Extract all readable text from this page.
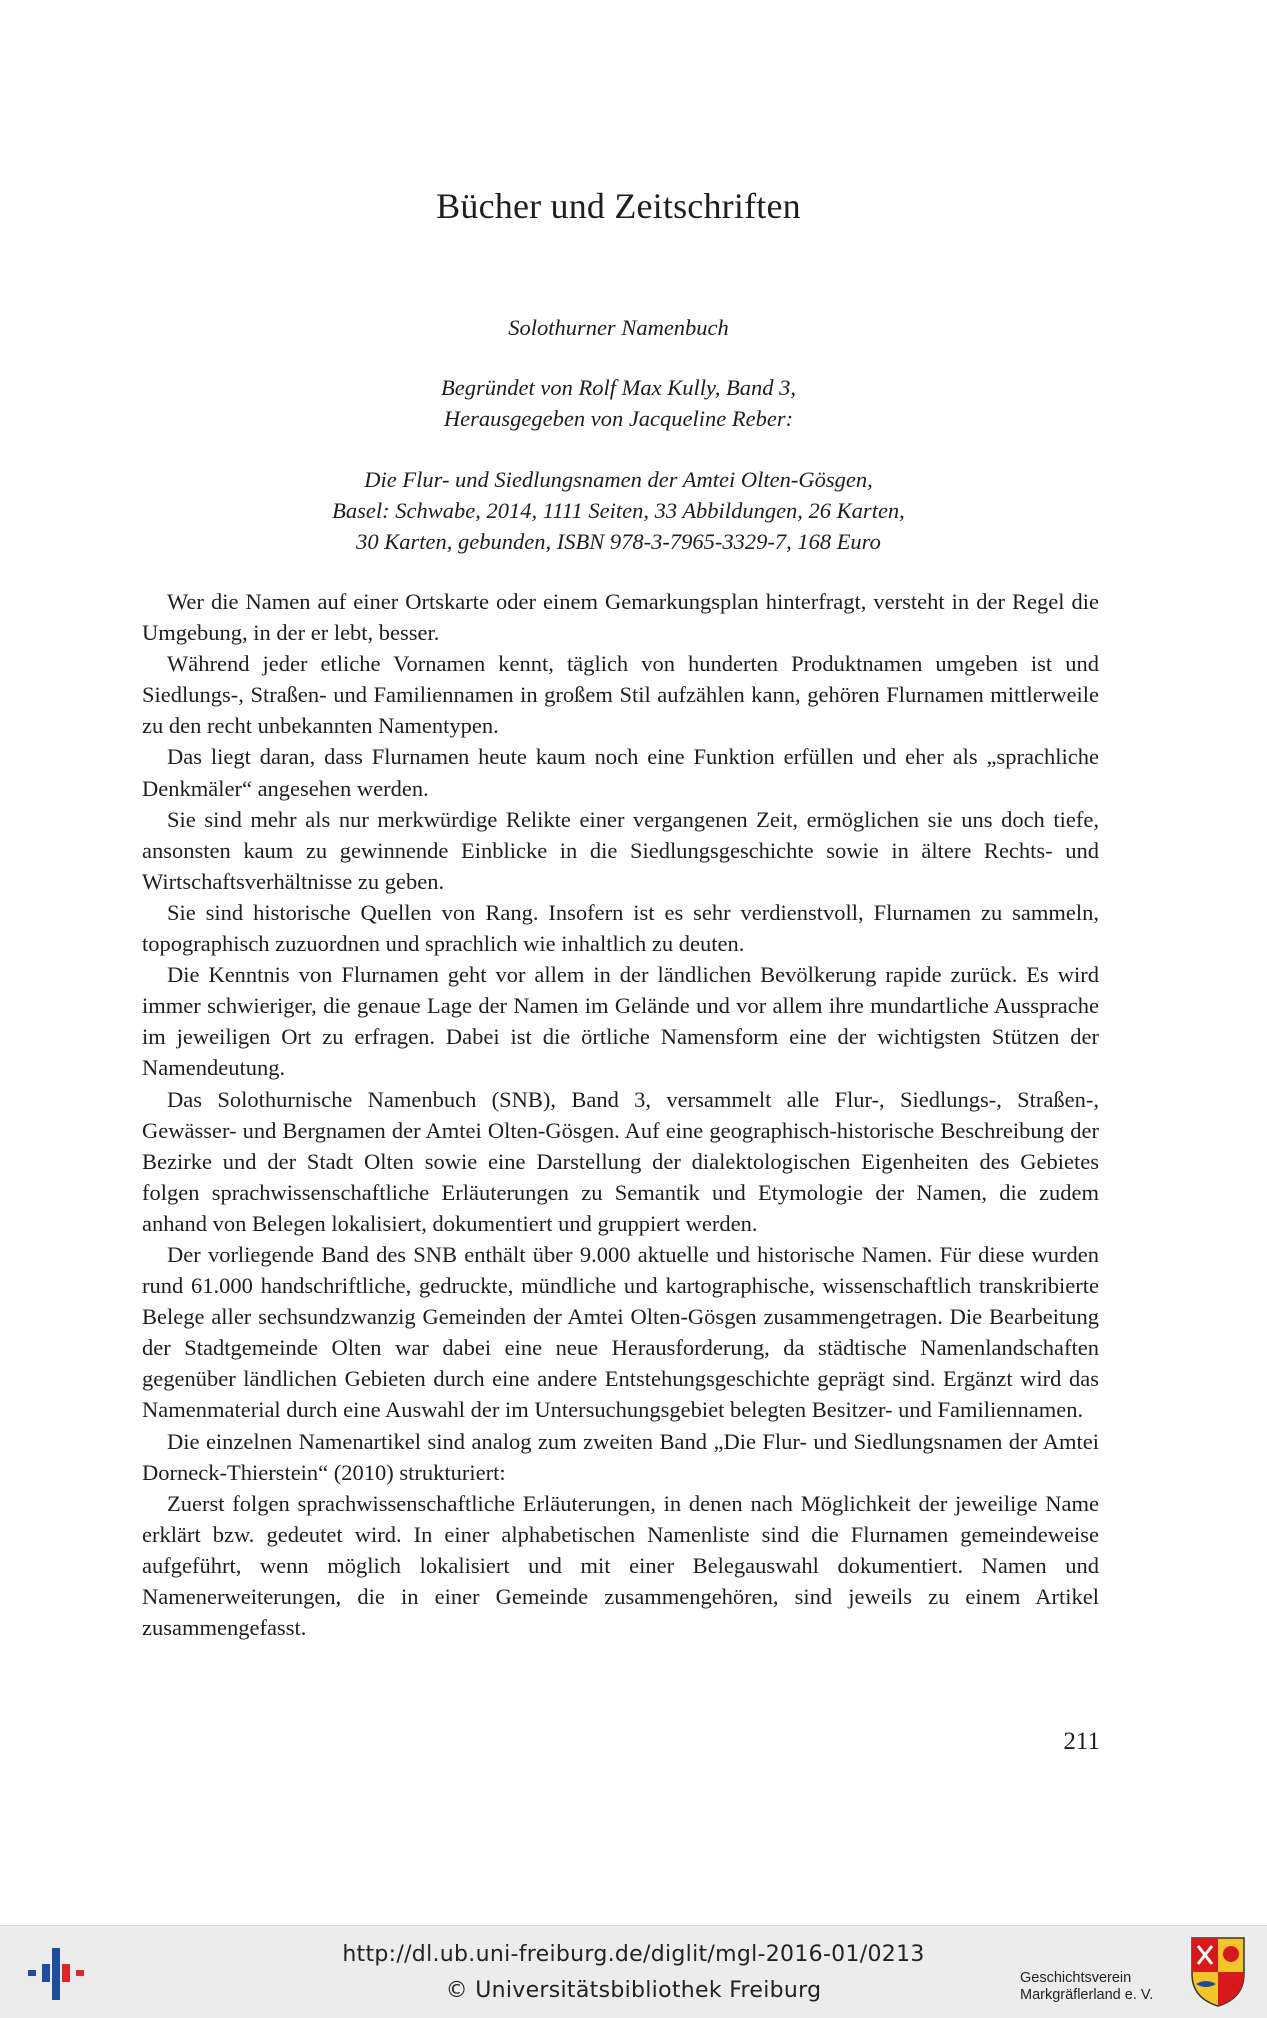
Bücher und Zeitschriften
Solothurner Namenbuch
Begründet von Rolf Max Kully, Band 3,
Herausgegeben von Jacqueline Reber:
Die Flur- und Siedlungsnamen der Amtei Olten-Gösgen,
Basel: Schwabe, 2014, 1111 Seiten, 33 Abbildungen, 26 Karten,
30 Karten, gebunden, ISBN 978-3-7965-3329-7, 168 Euro

Wer die Namen auf einer Ortskarte oder einem Gemarkungsplan hinterfragt, versteht in der Regel die Umgebung, in der er lebt, besser.

Während jeder etliche Vornamen kennt, täglich von hunderten Produktnamen umgeben ist und Siedlungs-, Straßen- und Familiennamen in großem Stil aufzählen kann, gehören Flurnamen mittlerweile zu den recht unbekannten Namentypen.

Das liegt daran, dass Flurnamen heute kaum noch eine Funktion erfüllen und eher als „sprachliche Denkmäler“ angesehen werden.

Sie sind mehr als nur merkwürdige Relikte einer vergangenen Zeit, ermöglichen sie uns doch tiefe, ansonsten kaum zu gewinnende Einblicke in die Siedlungsgeschichte sowie in ältere Rechts- und Wirtschaftsverhältnisse zu geben.

Sie sind historische Quellen von Rang. Insofern ist es sehr verdienstvoll, Flurnamen zu sammeln, topographisch zuzuordnen und sprachlich wie inhaltlich zu deuten.

Die Kenntnis von Flurnamen geht vor allem in der ländlichen Bevölkerung rapide zurück. Es wird immer schwieriger, die genaue Lage der Namen im Gelände und vor allem ihre mundartliche Aussprache im jeweiligen Ort zu erfragen. Dabei ist die örtliche Namensform eine der wichtigsten Stützen der Namendeutung.

Das Solothurnische Namenbuch (SNB), Band 3, versammelt alle Flur-, Siedlungs-, Straßen-, Gewässer- und Bergnamen der Amtei Olten-Gösgen. Auf eine geographisch-historische Beschreibung der Bezirke und der Stadt Olten sowie eine Darstellung der dialektologischen Eigenheiten des Gebietes folgen sprachwissenschaftliche Erläuterungen zu Semantik und Etymologie der Namen, die zudem anhand von Belegen lokalisiert, dokumentiert und gruppiert werden.

Der vorliegende Band des SNB enthält über 9.000 aktuelle und historische Namen. Für diese wurden rund 61.000 handschriftliche, gedruckte, mündliche und kartographische, wissenschaftlich transkribierte Belege aller sechsundzwanzig Gemeinden der Amtei Olten-Gösgen zusammengetragen. Die Bearbeitung der Stadtgemeinde Olten war dabei eine neue Herausforderung, da städtische Namenlandschaften gegenüber ländlichen Gebieten durch eine andere Entstehungsgeschichte geprägt sind. Ergänzt wird das Namenmaterial durch eine Auswahl der im Untersuchungsgebiet belegten Besitzer- und Familiennamen.

Die einzelnen Namenartikel sind analog zum zweiten Band „Die Flur- und Siedlungsnamen der Amtei Dorneck-Thierstein“ (2010) strukturiert:

Zuerst folgen sprachwissenschaftliche Erläuterungen, in denen nach Möglichkeit der jeweilige Name erklärt bzw. gedeutet wird. In einer alphabetischen Namenliste sind die Flurnamen gemeindeweise aufgeführt, wenn möglich lokalisiert und mit einer Belegauswahl dokumentiert. Namen und Namenerweiterungen, die in einer Gemeinde zusammengehören, sind jeweils zu einem Artikel zusammengefasst.

211
http://dl.ub.uni-freiburg.de/diglit/mgl-2016-01/0213
© Universitätsbibliothek Freiburg	Geschichtsverein
Markgräflerland e. V.
